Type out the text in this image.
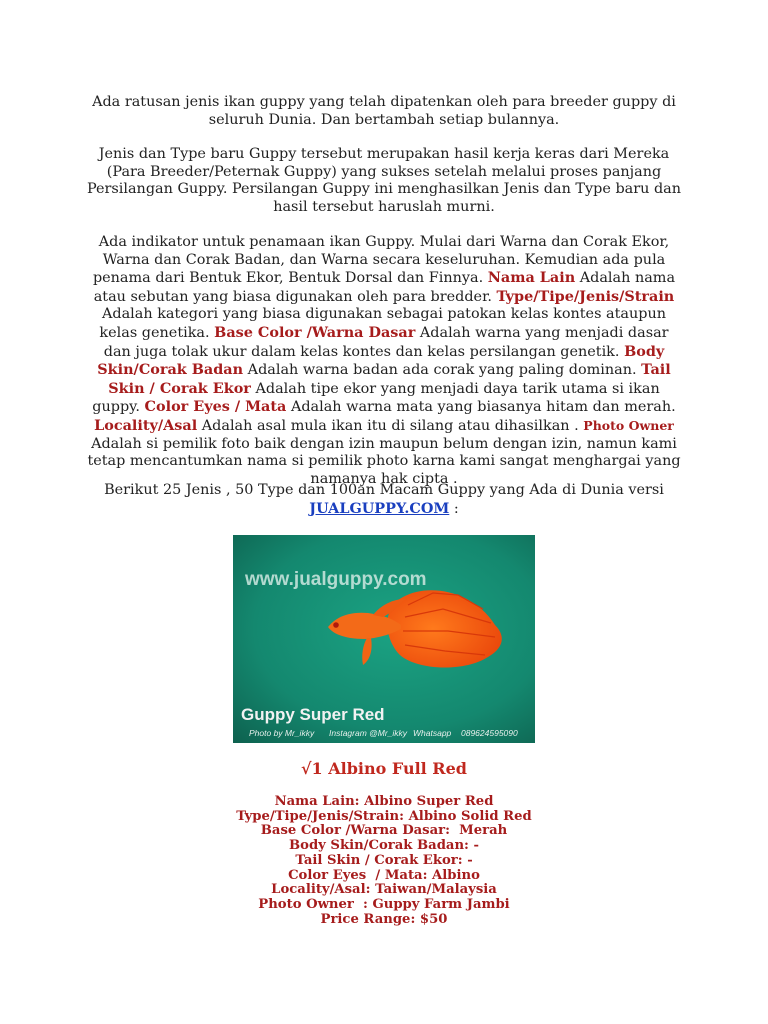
Ada ratusan jenis ikan guppy yang telah dipatenkan oleh para breeder guppy di seluruh Dunia. Dan bertambah setiap bulannya.

Jenis dan Type baru Guppy tersebut merupakan hasil kerja keras dari Mereka (Para Breeder/Peternak Guppy) yang sukses setelah melalui proses panjang Persilangan Guppy. Persilangan Guppy ini menghasilkan Jenis dan Type baru dan hasil tersebut haruslah murni.

Ada indikator untuk penamaan ikan Guppy. Mulai dari Warna dan Corak Ekor, Warna dan Corak Badan, dan Warna secara keseluruhan. Kemudian ada pula penama dari Bentuk Ekor, Bentuk Dorsal dan Finnya. Nama Lain Adalah nama atau sebutan yang biasa digunakan oleh para bredder. Type/Tipe/Jenis/Strain Adalah kategori yang biasa digunakan sebagai patokan kelas kontes ataupun kelas genetika. Base Color /Warna Dasar Adalah warna yang menjadi dasar dan juga tolak ukur dalam kelas kontes dan kelas persilangan genetik. Body Skin/Corak Badan Adalah warna badan ada corak yang paling dominan. Tail Skin / Corak Ekor Adalah tipe ekor yang menjadi daya tarik utama si ikan guppy. Color Eyes / Mata Adalah warna mata yang biasanya hitam dan merah. Locality/Asal Adalah asal mula ikan itu di silang atau dihasilkan . Photo Owner Adalah si pemilik foto baik dengan izin maupun belum dengan izin, namun kami tetap mencantumkan nama si pemilik photo karna kami sangat menghargai yang namanya hak cipta .

Berikut 25 Jenis , 50 Type dan 100an Macam Guppy yang Ada di Dunia versi
JUALGUPPY.COM :

www.jualguppy.com
Guppy Super Red
Photo by Mr_ikky Instagram @Mr_ikky Whatsapp 089624595090

√1 Albino Full Red

Nama Lain: Albino Super Red
Type/Tipe/Jenis/Strain: Albino Solid Red
Base Color /Warna Dasar:  Merah
Body Skin/Corak Badan: -
Tail Skin / Corak Ekor: -
Color Eyes  / Mata: Albino
Locality/Asal: Taiwan/Malaysia
Photo Owner  : Guppy Farm Jambi
Price Range: $50
